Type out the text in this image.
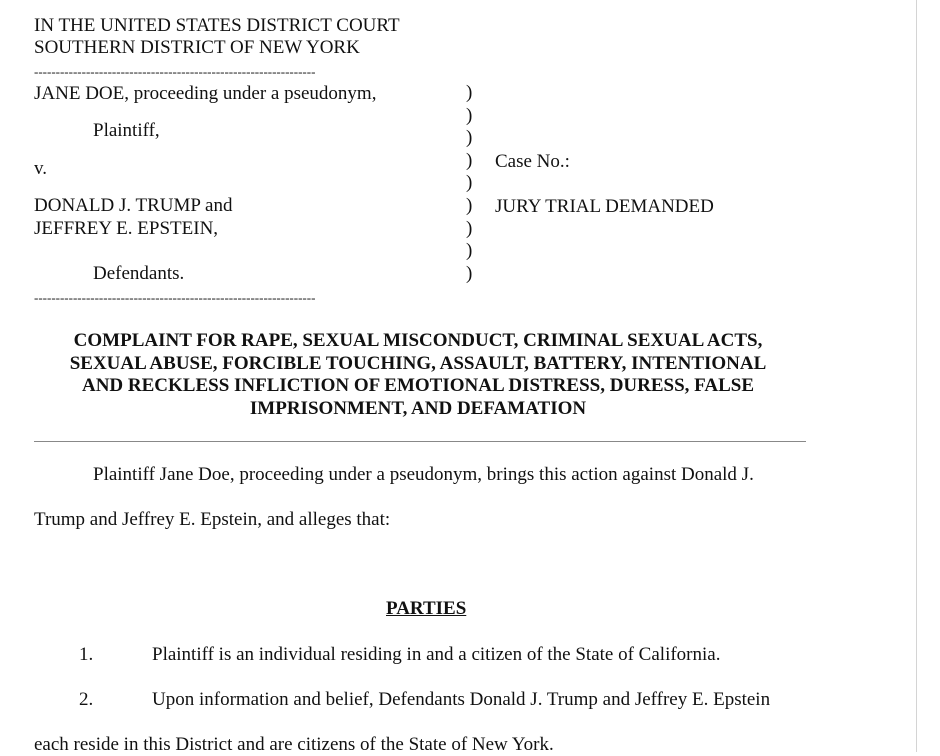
IN THE UNITED STATES DISTRICT COURT
SOUTHERN DISTRICT OF NEW YORK
-----------------------------------------------------------------
JANE DOE, proceeding under a pseudonym,
Plaintiff,
v.
DONALD J. TRUMP and
JEFFREY E. EPSTEIN,
Defendants.
-----------------------------------------------------------------
)
)
)
)
)
)
)
)
)
Case No.:
JURY TRIAL DEMANDED
COMPLAINT FOR RAPE, SEXUAL MISCONDUCT, CRIMINAL SEXUAL ACTS,
SEXUAL ABUSE, FORCIBLE TOUCHING, ASSAULT, BATTERY, INTENTIONAL
AND RECKLESS INFLICTION OF EMOTIONAL DISTRESS, DURESS, FALSE
IMPRISONMENT, AND DEFAMATION
Plaintiff Jane Doe, proceeding under a pseudonym, brings this action against Donald J.
Trump and Jeffrey E. Epstein, and alleges that:
PARTIES
1.	Plaintiff is an individual residing in and a citizen of the State of California.
2.	Upon information and belief, Defendants Donald J. Trump and Jeffrey E. Epstein
each reside in this District and are citizens of the State of New York.
